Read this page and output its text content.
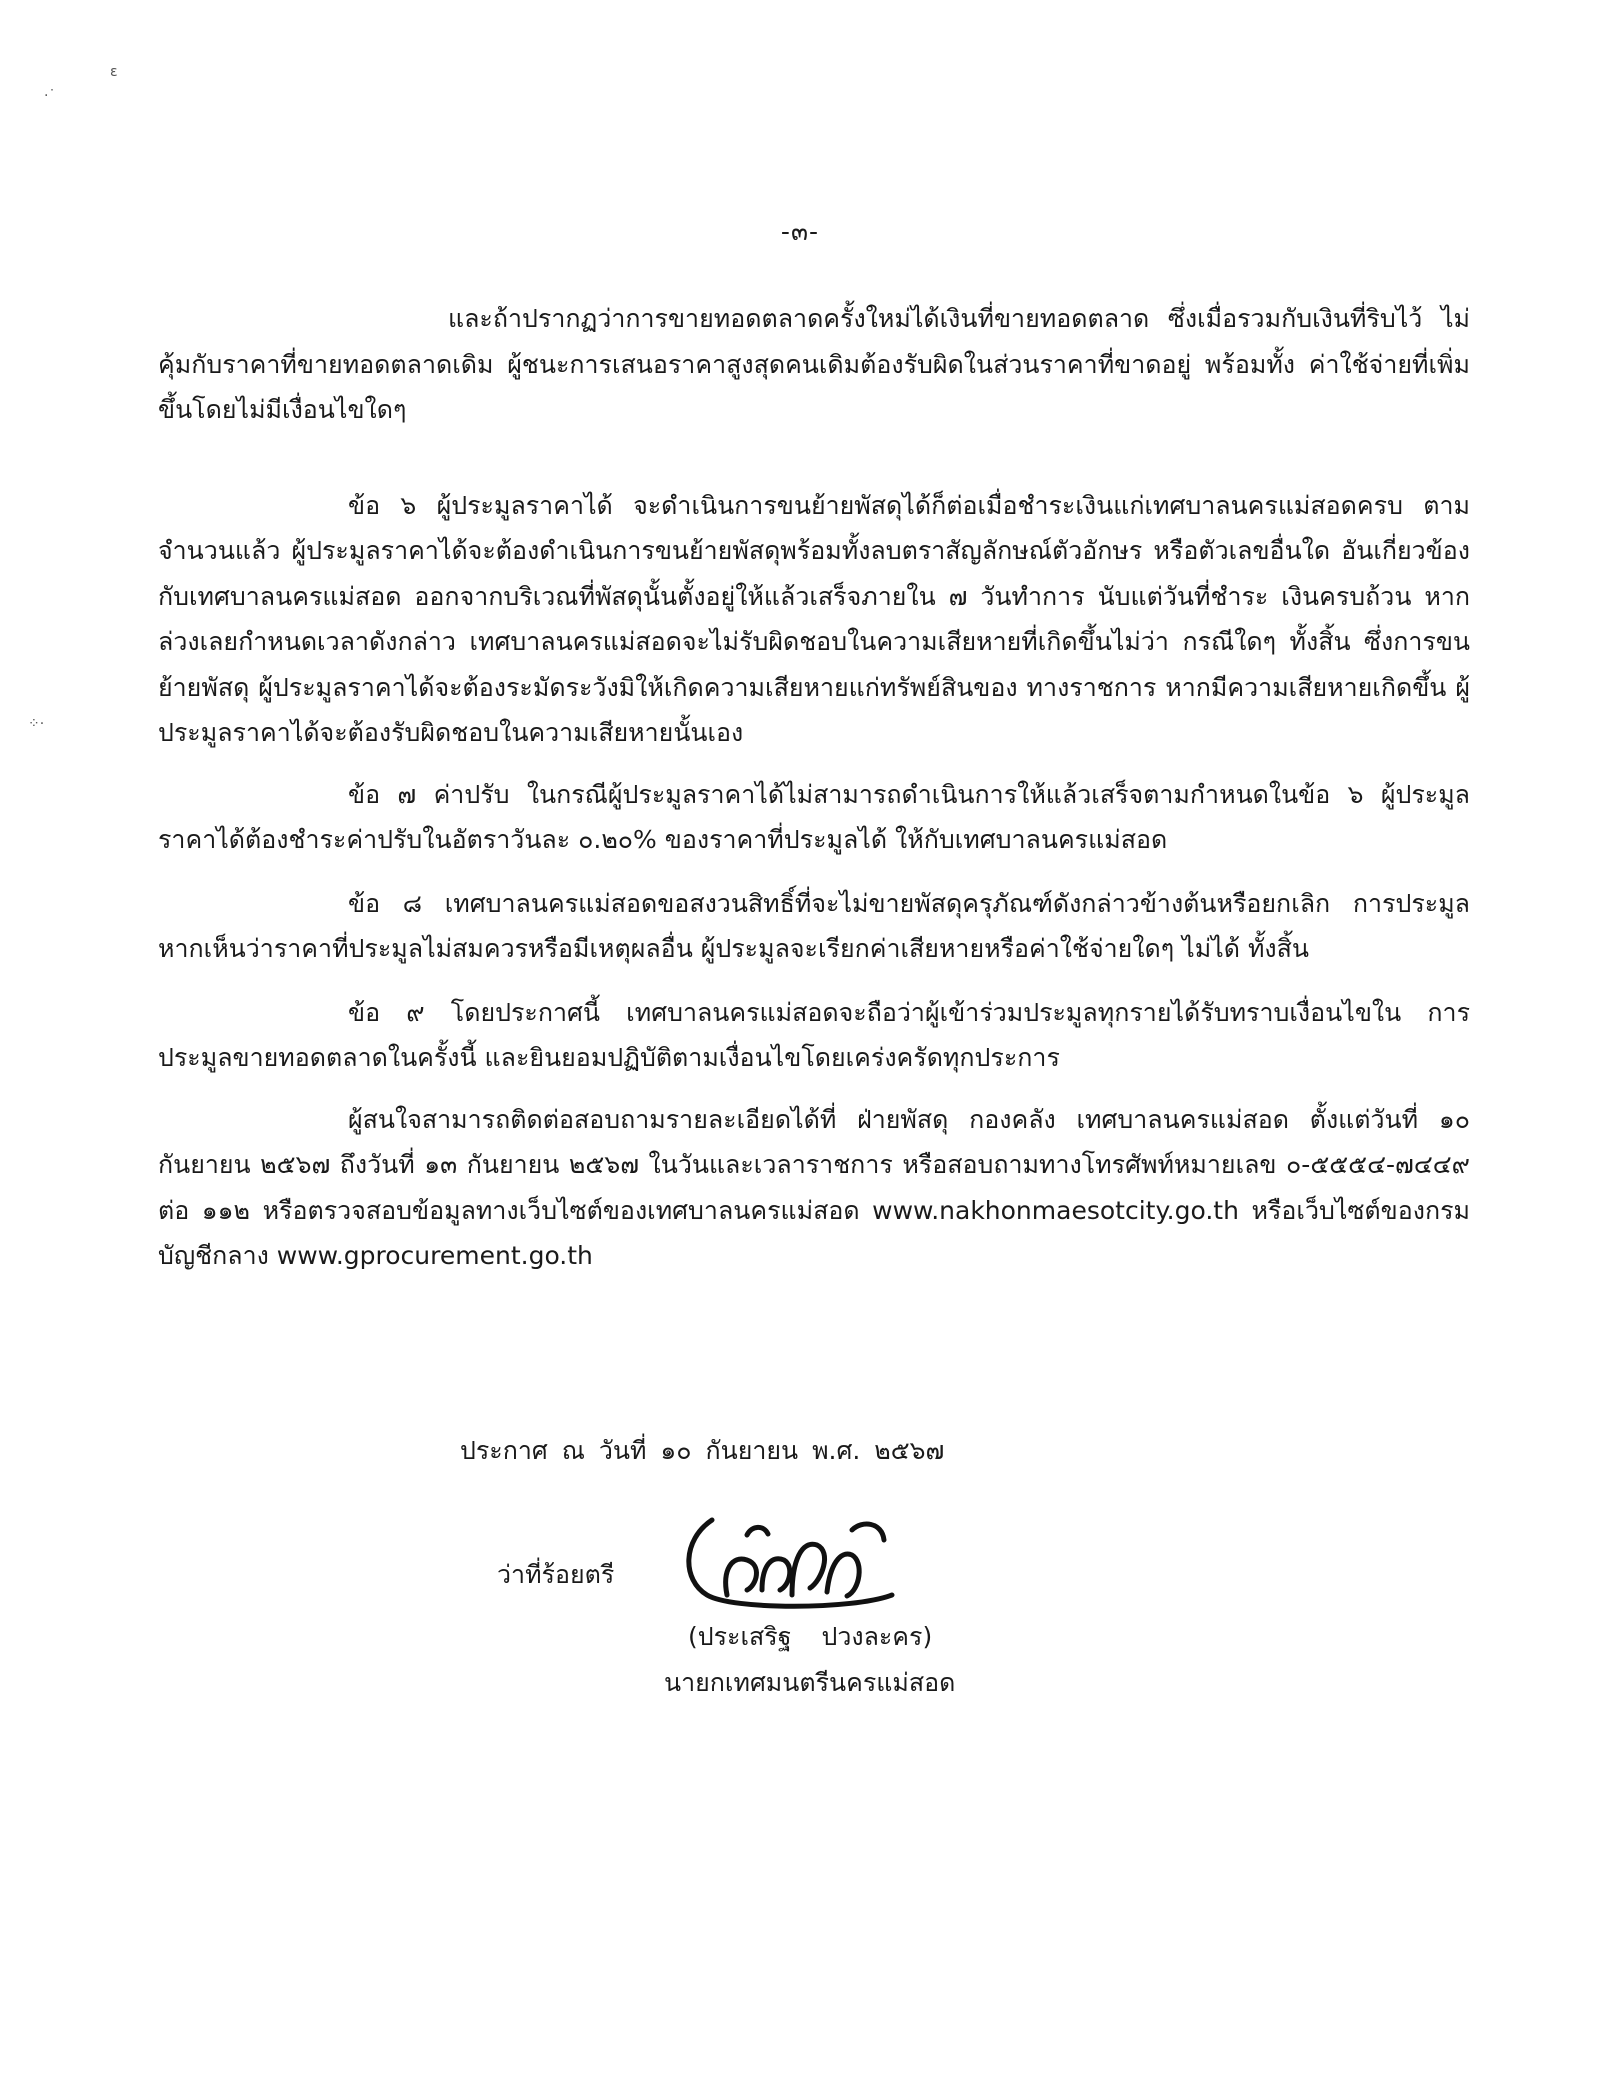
ε
·˙
⁘·
-๓-

และถ้าปรากฏว่าการขายทอดตลาดครั้งใหม่ได้เงินที่ขายทอดตลาด ซึ่งเมื่อรวมกับเงินที่ริบไว้ ไม่คุ้มกับราคาที่ขายทอดตลาดเดิม ผู้ชนะการเสนอราคาสูงสุดคนเดิมต้องรับผิดในส่วนราคาที่ขาดอยู่ พร้อมทั้ง ค่าใช้จ่ายที่เพิ่มขึ้นโดยไม่มีเงื่อนไขใดๆ

ข้อ ๖ ผู้ประมูลราคาได้ จะดำเนินการขนย้ายพัสดุได้ก็ต่อเมื่อชำระเงินแก่เทศบาลนครแม่สอดครบ ตามจำนวนแล้ว ผู้ประมูลราคาได้จะต้องดำเนินการขนย้ายพัสดุพร้อมทั้งลบตราสัญลักษณ์ตัวอักษร หรือตัวเลขอื่นใด อันเกี่ยวข้องกับเทศบาลนครแม่สอด ออกจากบริเวณที่พัสดุนั้นตั้งอยู่ให้แล้วเสร็จภายใน ๗ วันทำการ นับแต่วันที่ชำระ เงินครบถ้วน หากล่วงเลยกำหนดเวลาดังกล่าว เทศบาลนครแม่สอดจะไม่รับผิดชอบในความเสียหายที่เกิดขึ้นไม่ว่า กรณีใดๆ ทั้งสิ้น ซึ่งการขนย้ายพัสดุ ผู้ประมูลราคาได้จะต้องระมัดระวังมิให้เกิดความเสียหายแก่ทรัพย์สินของ ทางราชการ หากมีความเสียหายเกิดขึ้น ผู้ประมูลราคาได้จะต้องรับผิดชอบในความเสียหายนั้นเอง

ข้อ ๗ ค่าปรับ ในกรณีผู้ประมูลราคาได้ไม่สามารถดำเนินการให้แล้วเสร็จตามกำหนดในข้อ ๖ ผู้ประมูลราคาได้ต้องชำระค่าปรับในอัตราวันละ ๐.๒๐% ของราคาที่ประมูลได้ ให้กับเทศบาลนครแม่สอด

ข้อ ๘ เทศบาลนครแม่สอดขอสงวนสิทธิ์ที่จะไม่ขายพัสดุครุภัณฑ์ดังกล่าวข้างต้นหรือยกเลิก การประมูล หากเห็นว่าราคาที่ประมูลไม่สมควรหรือมีเหตุผลอื่น ผู้ประมูลจะเรียกค่าเสียหายหรือค่าใช้จ่ายใดๆ ไม่ได้ ทั้งสิ้น

ข้อ ๙ โดยประกาศนี้ เทศบาลนครแม่สอดจะถือว่าผู้เข้าร่วมประมูลทุกรายได้รับทราบเงื่อนไขใน การประมูลขายทอดตลาดในครั้งนี้ และยินยอมปฏิบัติตามเงื่อนไขโดยเคร่งครัดทุกประการ

ผู้สนใจสามารถติดต่อสอบถามรายละเอียดได้ที่ ฝ่ายพัสดุ กองคลัง เทศบาลนครแม่สอด ตั้งแต่วันที่ ๑๐ กันยายน ๒๕๖๗ ถึงวันที่ ๑๓ กันยายน ๒๕๖๗ ในวันและเวลาราชการ หรือสอบถามทางโทรศัพท์หมายเลข ๐-๕๕๕๔-๗๔๔๙ ต่อ ๑๑๒ หรือตรวจสอบข้อมูลทางเว็บไซต์ของเทศบาลนครแม่สอด www.nakhonmaesotcity.go.th หรือเว็บไซต์ของกรมบัญชีกลาง www.gprocurement.go.th

ประกาศ ณ วันที่ ๑๐ กันยายน พ.ศ. ๒๕๖๗
ว่าที่ร้อยตรี
(ประเสริฐ ปวงละคร)
นายกเทศมนตรีนครแม่สอด
